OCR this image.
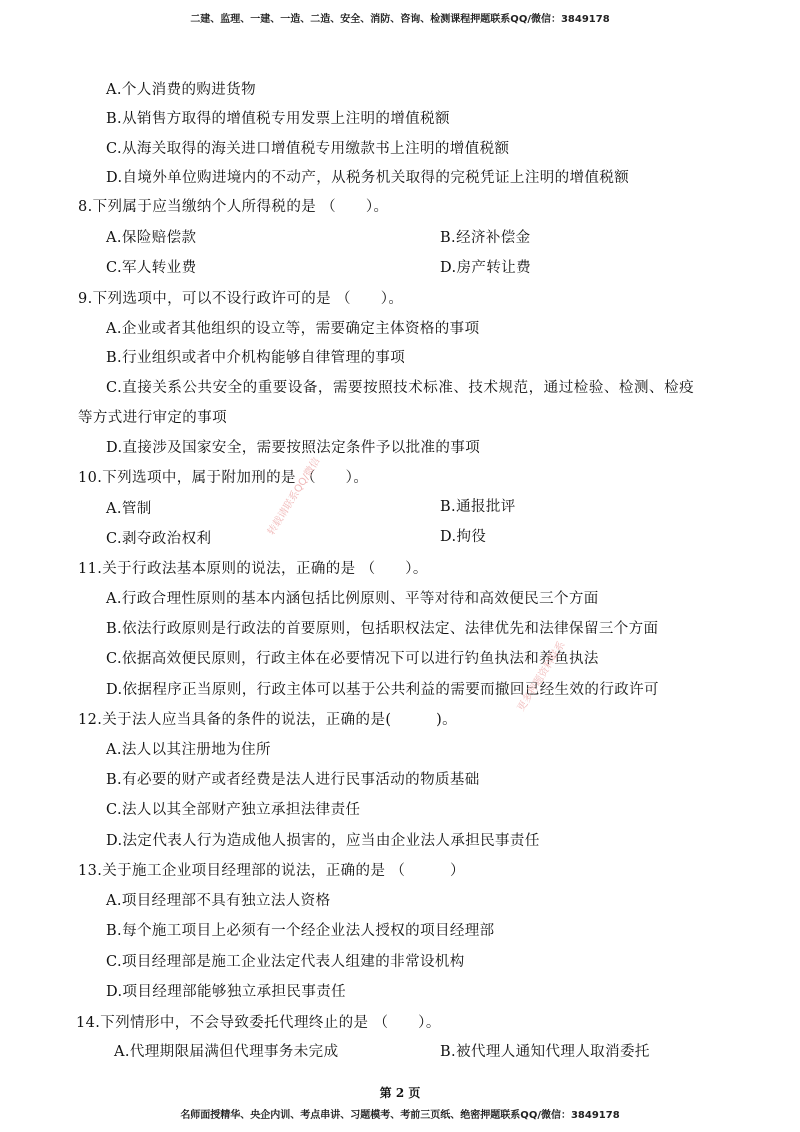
二建、监理、一建、一造、二造、安全、消防、咨询、检测课程押题联系QQ/微信：3849178
A.个人消费的购进货物
B.从销售方取得的增值税专用发票上注明的增值税额
C.从海关取得的海关进口增值税专用缴款书上注明的增值税额
D.自境外单位购进境内的不动产，从税务机关取得的完税凭证上注明的增值税额
8.下列属于应当缴纳个人所得税的是 （　　）。
A.保险赔偿款	B.经济补偿金
C.军人转业费	D.房产转让费
9.下列选项中，可以不设行政许可的是 （　　）。
A.企业或者其他组织的设立等，需要确定主体资格的事项
B.行业组织或者中介机构能够自律管理的事项
C.直接关系公共安全的重要设备，需要按照技术标准、技术规范，通过检验、检测、检疫
等方式进行审定的事项
D.直接涉及国家安全，需要按照法定条件予以批准的事项
10.下列选项中，属于附加刑的是 （　　）。
A.管制	B.通报批评
C.剥夺政治权利	D.拘役
11.关于行政法基本原则的说法，正确的是 （　　）。
A.行政合理性原则的基本内涵包括比例原则、平等对待和高效便民三个方面
B.依法行政原则是行政法的首要原则，包括职权法定、法律优先和法律保留三个方面
C.依据高效便民原则，行政主体在必要情况下可以进行钓鱼执法和养鱼执法
D.依据程序正当原则，行政主体可以基于公共利益的需要而撤回已经生效的行政许可
12.关于法人应当具备的条件的说法，正确的是(　　　)。
A.法人以其注册地为住所
B.有必要的财产或者经费是法人进行民事活动的物质基础
C.法人以其全部财产独立承担法律责任
D.法定代表人行为造成他人损害的，应当由企业法人承担民事责任
13.关于施工企业项目经理部的说法，正确的是 （　　　）
A.项目经理部不具有独立法人资格
B.每个施工项目上必须有一个经企业法人授权的项目经理部
C.项目经理部是施工企业法定代表人组建的非常设机构
D.项目经理部能够独立承担民事责任
14.下列情形中，不会导致委托代理终止的是 （　　）。
A.代理期限届满但代理事务未完成	B.被代理人通知代理人取消委托
转载请联系QQ/微信
更多押题资料联系
第 2 页
名师面授精华、央企内训、考点串讲、习题模考、考前三页纸、绝密押题联系QQ/微信：3849178
